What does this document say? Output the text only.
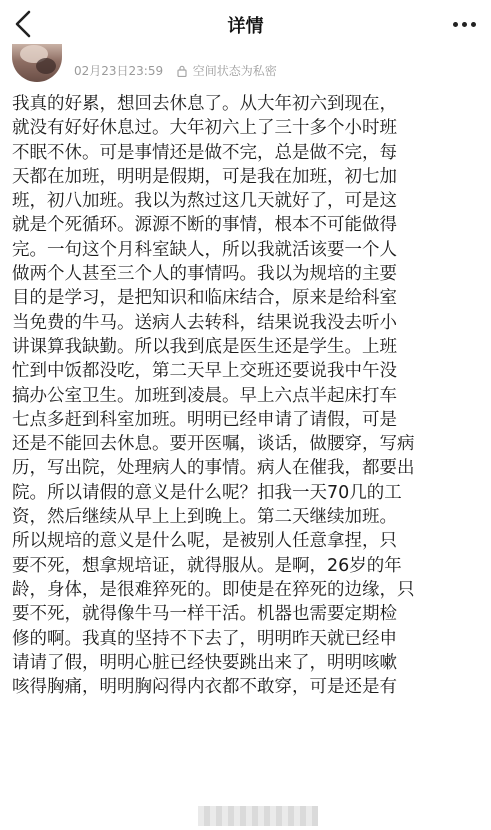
详情
02月23日23:59 空间状态为私密
我真的好累，想回去休息了。从大年初六到现在，
就没有好好休息过。大年初六上了三十多个小时班
不眠不休。可是事情还是做不完，总是做不完，每
天都在加班，明明是假期，可是我在加班，初七加
班，初八加班。我以为熬过这几天就好了，可是这
就是个死循环。源源不断的事情，根本不可能做得
完。一句这个月科室缺人，所以我就活该要一个人
做两个人甚至三个人的事情吗。我以为规培的主要
目的是学习，是把知识和临床结合，原来是给科室
当免费的牛马。送病人去转科，结果说我没去听小
讲课算我缺勤。所以我到底是医生还是学生。上班
忙到中饭都没吃，第二天早上交班还要说我中午没
搞办公室卫生。加班到凌晨。早上六点半起床打车
七点多赶到科室加班。明明已经申请了请假，可是
还是不能回去休息。要开医嘱，谈话，做腰穿，写病
历，写出院，处理病人的事情。病人在催我，都要出
院。所以请假的意义是什么呢？扣我一天70几的工
资，然后继续从早上上到晚上。第二天继续加班。
所以规培的意义是什么呢，是被别人任意拿捏，只
要不死，想拿规培证，就得服从。是啊，26岁的年
龄，身体，是很难猝死的。即使是在猝死的边缘，只
要不死，就得像牛马一样干活。机器也需要定期检
修的啊。我真的坚持不下去了，明明昨天就已经申
请请了假，明明心脏已经快要跳出来了，明明咳嗽
咳得胸痛，明明胸闷得内衣都不敢穿，可是还是有
